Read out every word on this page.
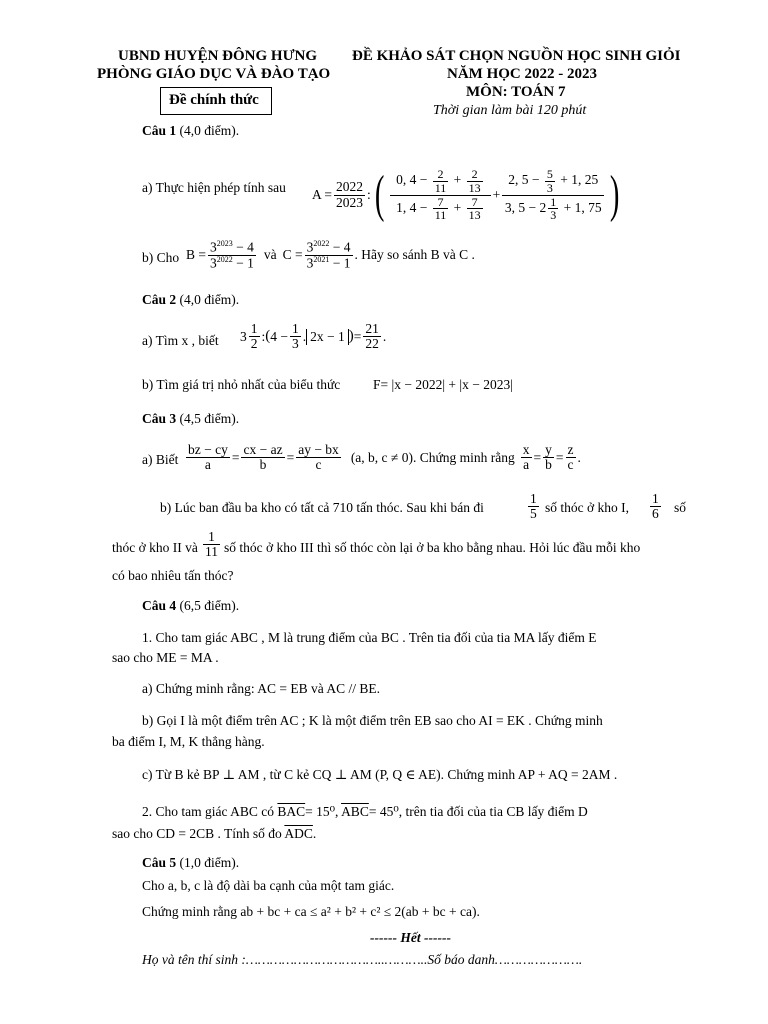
UBND HUYỆN ĐÔNG HƯNG
PHÒNG GIÁO DỤC VÀ ĐÀO TẠO
Đề chính thức
ĐỀ KHẢO SÁT CHỌN NGUỒN HỌC SINH GIỎI
NĂM HỌC 2022 - 2023
MÔN: TOÁN 7
Thời gian làm bài 120 phút
Câu 1 (4,0 điểm).
a) Thực hiện phép tính sau $A = \frac{2022}{2023}$ : ( $\frac{0, 4 - \frac{2}{11} + \frac{2}{13}}{1, 4 - \frac{7}{11} + \frac{7}{13}} + \frac{2, 5 - \frac{5}{3} + 1, 25}{3, 5 - 2 \frac{1}{3} + 1, 75}$ )
b) Cho $B = \frac{3^{2023} - 4}{3^{2022} - 1}$ và $C = \frac{3^{2022} - 4}{3^{2021} - 1}$ . Hãy so sánh B và C .
Câu 2 (4,0 điểm).
a) Tìm x , biết $3 \frac{1}{2}$ : ( $4 - \frac{1}{3}$ . 2x − 1 ) = $\frac{21}{22}$ .
b) Tìm giá trị nhỏ nhất của biểu thức F= |x − 2022| + |x − 2023|
Câu 3 (4,5 điểm).
a) Biết $\frac{bz - cy}{a} = \frac{cx - az}{b} = \frac{ay - bx}{c} (a$, b, c ≠ 0). Chứng minh rằng $\frac{x}{a} = \frac{y}{b} = \frac{z}{c}$ .
b) Lúc ban đầu ba kho có tất cả 710 tấn thóc. Sau khi bán đi	$\frac{1}{5}$ số thóc ở kho I, $\frac{1}{6}$ số
thóc ở kho II và $\frac{1}{11}$ số thóc ở kho III thì số thóc còn lại ở ba kho bằng nhau. Hỏi lúc đầu mỗi kho
có bao nhiêu tấn thóc?
Câu 4 (6,5 điểm).
1. Cho tam giác ABC , M là trung điểm của BC . Trên tia đối của tia MA lấy điểm E
sao cho ME = MA .
a) Chứng minh rằng: AC = EB và AC // BE.
b) Gọi I là một điểm trên AC ; K là một điểm trên EB sao cho AI = EK . Chứng minh
ba điểm I, M, K thẳng hàng.
c) Từ B kẻ BP ⊥ AM , từ C kẻ CQ ⊥ AM (P, Q ∈ AE). Chứng minh AP + AQ = 2AM .
2. Cho tam giác ABC có $\overline{BAC}= 15^0$, $\overline{ABC}= 45^0$, trên tia đối của tia CB lấy điểm D
sao cho CD = 2CB . Tính số đo $\overline{ADC}$.
Câu 5 (1,0 điểm).
Cho a, b, c là độ dài ba cạnh của một tam giác.
Chứng minh rằng ab + bc + ca ≤ a² + b² + c² ≤ 2(ab + bc + ca).
------ Hết ------
Họ và tên thí sinh :……………………………..………..Số báo danh………………….
